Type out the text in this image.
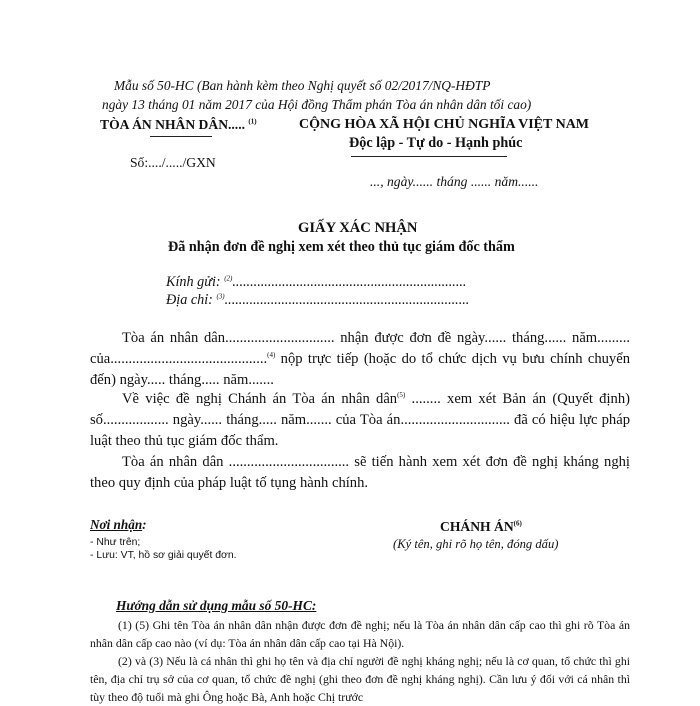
Mẫu số 50-HC (Ban hành kèm theo Nghị quyết số 02/2017/NQ-HĐTP
ngày 13 tháng 01 năm 2017 của Hội đồng Thẩm phán Tòa án nhân dân tối cao)
TÒA ÁN NHÂN DÂN..... $^{(1)}$	CỘNG HÒA XÃ HỘI CHỦ NGHĨA VIỆT NAM
Độc lập - Tự do - Hạnh phúc
Số:..../...../GXN
..., ngày...... tháng ...... năm......
GIẤY XÁC NHẬN
Đã nhận đơn đề nghị xem xét theo thủ tục giám đốc thẩm
Kính gửi: $^{(2)}$..................................................................
Địa chỉ: $^{(3)}$.....................................................................

Tòa án nhân dân.............................. nhận được đơn đề ngày...... tháng...... năm......... của...........................................$^{(4)}$ nộp trực tiếp (hoặc do tổ chức dịch vụ bưu chính chuyển đến) ngày..... tháng..... năm.......

Về việc đề nghị Chánh án Tòa án nhân dân$^{(5)}$ ........ xem xét Bản án (Quyết định) số.................. ngày...... tháng..... năm....... của Tòa án.............................. đã có hiệu lực pháp luật theo thủ tục giám đốc thẩm.

Tòa án nhân dân ................................. sẽ tiến hành xem xét đơn đề nghị kháng nghị theo quy định của pháp luật tố tụng hành chính.

Nơi nhận:
- Như trên;
- Lưu: VT, hồ sơ giải quyết đơn.
CHÁNH ÁN$^{(6)}$
(Ký tên, ghi rõ họ tên, đóng dấu)
Hướng dẫn sử dụng mẫu số 50-HC:

(1) (5) Ghi tên Tòa án nhân dân nhận được đơn đề nghị; nếu là Tòa án nhân dân cấp cao thì ghi rõ Tòa án nhân dân cấp cao nào (ví dụ: Tòa án nhân dân cấp cao tại Hà Nội).

(2) và (3) Nếu là cá nhân thì ghi họ tên và địa chỉ người đề nghị kháng nghị; nếu là cơ quan, tổ chức thì ghi tên, địa chỉ trụ sở của cơ quan, tổ chức đề nghị (ghi theo đơn đề nghị kháng nghị). Cần lưu ý đối với cá nhân thì tùy theo độ tuổi mà ghi Ông hoặc Bà, Anh hoặc Chị trước
